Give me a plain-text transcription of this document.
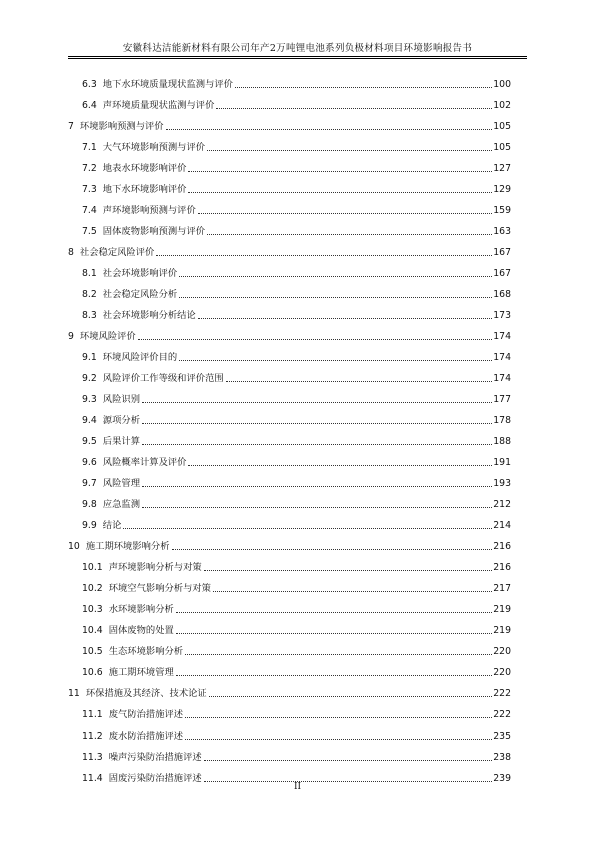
安徽科达洁能新材料有限公司年产2万吨锂电池系列负极材料项目环境影响报告书
6.3 地下水环境质量现状监测与评价	100
6.4 声环境质量现状监测与评价	102
7 环境影响预测与评价	105
7.1 大气环境影响预测与评价	105
7.2 地表水环境影响评价	127
7.3 地下水环境影响评价	129
7.4 声环境影响预测与评价	159
7.5 固体废物影响预测与评价	163
8 社会稳定风险评价	167
8.1 社会环境影响评价	167
8.2 社会稳定风险分析	168
8.3 社会环境影响分析结论	173
9 环境风险评价	174
9.1 环境风险评价目的	174
9.2 风险评价工作等级和评价范围	174
9.3 风险识别	177
9.4 源项分析	178
9.5 后果计算	188
9.6 风险概率计算及评价	191
9.7 风险管理	193
9.8 应急监测	212
9.9 结论	214
10 施工期环境影响分析	216
10.1 声环境影响分析与对策	216
10.2 环境空气影响分析与对策	217
10.3 水环境影响分析	219
10.4 固体废物的处置	219
10.5 生态环境影响分析	220
10.6 施工期环境管理	220
11 环保措施及其经济、技术论证	222
11.1 废气防治措施评述	222
11.2 废水防治措施评述	235
11.3 噪声污染防治措施评述	238
11.4 固废污染防治措施评述	239
II
